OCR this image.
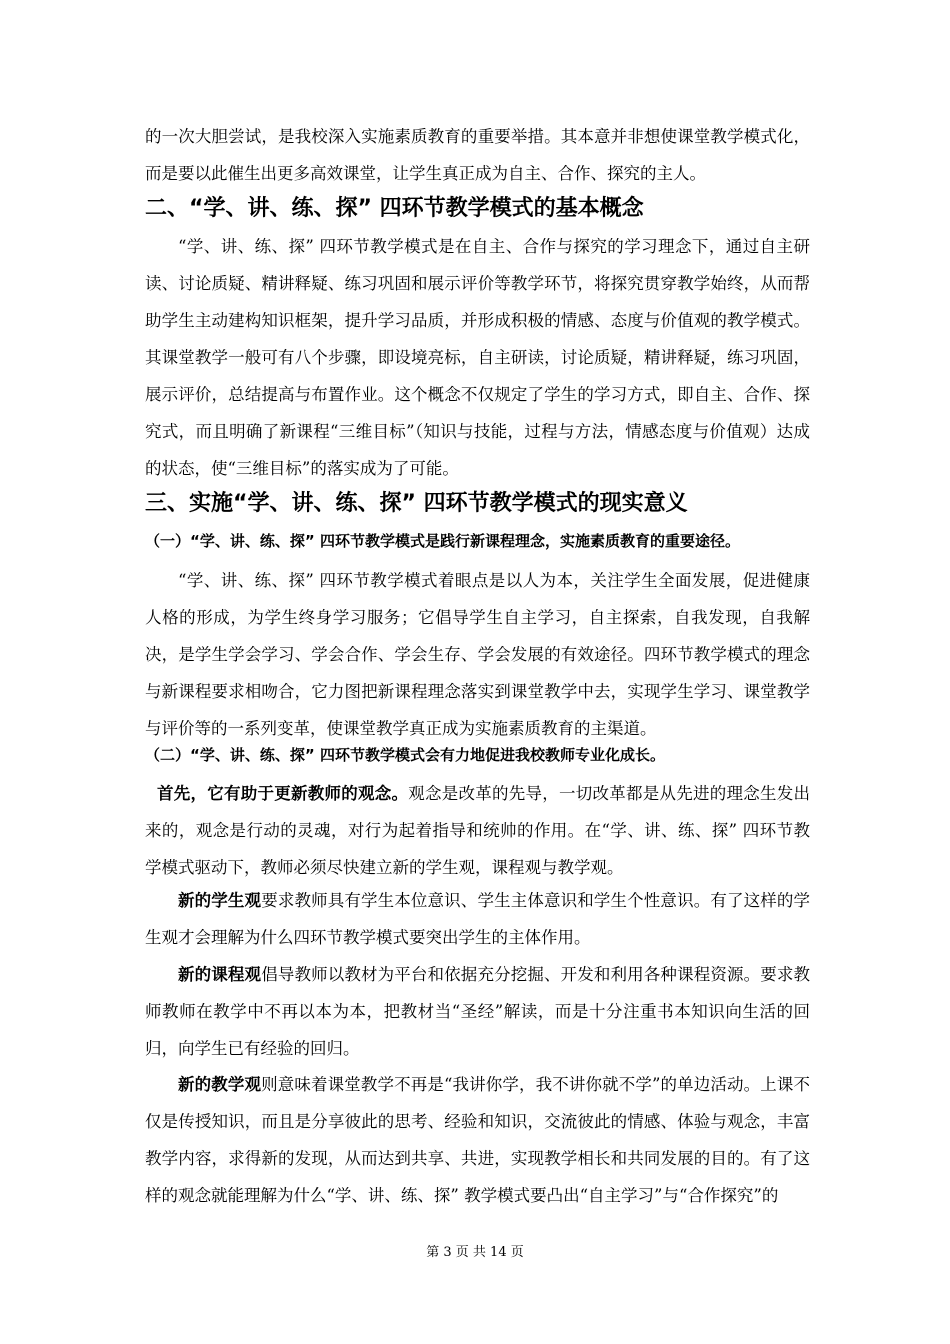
的一次大胆尝试，是我校深入实施素质教育的重要举措。其本意并非想使课堂教学模式化，而是要以此催生出更多高效课堂，让学生真正成为自主、合作、探究的主人。

二、“学、讲、练、探” 四环节教学模式的基本概念

“学、讲、练、探” 四环节教学模式是在自主、合作与探究的学习理念下，通过自主研读、讨论质疑、精讲释疑、练习巩固和展示评价等教学环节，将探究贯穿教学始终，从而帮助学生主动建构知识框架，提升学习品质，并形成积极的情感、态度与价值观的教学模式。其课堂教学一般可有八个步骤，即设境亮标，自主研读，讨论质疑，精讲释疑，练习巩固，展示评价，总结提高与布置作业。这个概念不仅规定了学生的学习方式，即自主、合作、探究式，而且明确了新课程“三维目标”（知识与技能，过程与方法，情感态度与价值观）达成的状态，使“三维目标”的落实成为了可能。

三、实施“学、讲、练、探” 四环节教学模式的现实意义
（一）“学、讲、练、探” 四环节教学模式是践行新课程理念，实施素质教育的重要途径。

“学、讲、练、探” 四环节教学模式着眼点是以人为本，关注学生全面发展，促进健康人格的形成，为学生终身学习服务；它倡导学生自主学习，自主探索，自我发现，自我解决，是学生学会学习、学会合作、学会生存、学会发展的有效途径。四环节教学模式的理念与新课程要求相吻合，它力图把新课程理念落实到课堂教学中去，实现学生学习、课堂教学与评价等的一系列变革，使课堂教学真正成为实施素质教育的主渠道。

（二）“学、讲、练、探” 四环节教学模式会有力地促进我校教师专业化成长。

首先，它有助于更新教师的观念。观念是改革的先导，一切改革都是从先进的理念生发出来的，观念是行动的灵魂，对行为起着指导和统帅的作用。在“学、讲、练、探” 四环节教学模式驱动下，教师必须尽快建立新的学生观，课程观与教学观。

新的学生观要求教师具有学生本位意识、学生主体意识和学生个性意识。有了这样的学生观才会理解为什么四环节教学模式要突出学生的主体作用。

新的课程观倡导教师以教材为平台和依据充分挖掘、开发和利用各种课程资源。要求教师教师在教学中不再以本为本，把教材当“圣经”解读，而是十分注重书本知识向生活的回归，向学生已有经验的回归。

新的教学观则意味着课堂教学不再是“我讲你学，我不讲你就不学”的单边活动。上课不仅是传授知识，而且是分享彼此的思考、经验和知识，交流彼此的情感、体验与观念，丰富教学内容，求得新的发现，从而达到共享、共进，实现教学相长和共同发展的目的。有了这样的观念就能理解为什么“学、讲、练、探” 教学模式要凸出“自主学习”与“合作探究”的

第 3 页 共 14 页
